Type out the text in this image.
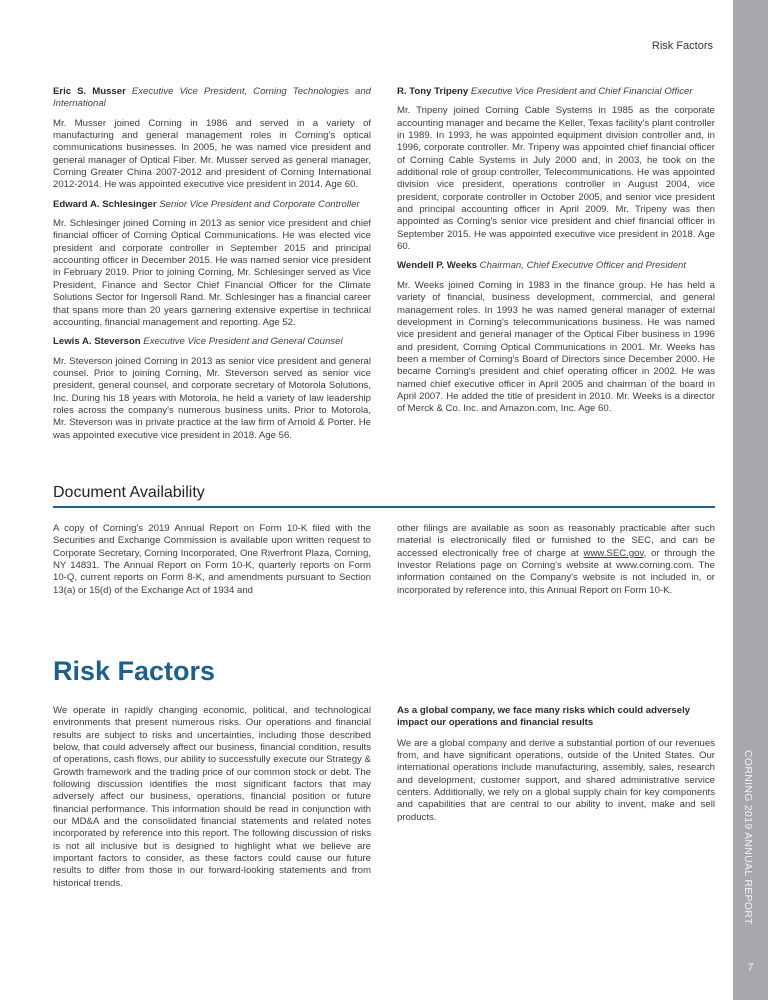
CORNING 2019 ANNUAL REPORT
7
Risk Factors

Eric S. Musser Executive Vice President, Corning Technologies and International

Mr. Musser joined Corning in 1986 and served in a variety of manufacturing and general management roles in Corning's optical communications businesses. In 2005, he was named vice president and general manager of Optical Fiber. Mr. Musser served as general manager, Corning Greater China 2007-2012 and president of Corning International 2012-2014. He was appointed executive vice president in 2014. Age 60.

Edward A. Schlesinger Senior Vice President and Corporate Controller

Mr. Schlesinger joined Corning in 2013 as senior vice president and chief financial officer of Corning Optical Communications. He was elected vice president and corporate controller in September 2015 and principal accounting officer in December 2015. He was named senior vice president in February 2019. Prior to joining Corning, Mr. Schlesinger served as Vice President, Finance and Sector Chief Financial Officer for the Climate Solutions Sector for Ingersoll Rand. Mr. Schlesinger has a financial career that spans more than 20 years garnering extensive expertise in technical accounting, financial management and reporting. Age 52.

Lewis A. Steverson Executive Vice President and General Counsel

Mr. Steverson joined Corning in 2013 as senior vice president and general counsel. Prior to joining Corning, Mr. Steverson served as senior vice president, general counsel, and corporate secretary of Motorola Solutions, Inc. During his 18 years with Motorola, he held a variety of law leadership roles across the company's numerous business units. Prior to Motorola, Mr. Steverson was in private practice at the law firm of Arnold & Porter. He was appointed executive vice president in 2018. Age 56.

R. Tony Tripeny Executive Vice President and Chief Financial Officer

Mr. Tripeny joined Corning Cable Systems in 1985 as the corporate accounting manager and became the Keller, Texas facility's plant controller in 1989. In 1993, he was appointed equipment division controller and, in 1996, corporate controller. Mr. Tripeny was appointed chief financial officer of Corning Cable Systems in July 2000 and, in 2003, he took on the additional role of group controller, Telecommunications. He was appointed division vice president, operations controller in August 2004, vice president, corporate controller in October 2005, and senior vice president and principal accounting officer in April 2009. Mr. Tripeny was then appointed as Corning's senior vice president and chief financial officer in September 2015. He was appointed executive vice president in 2018. Age 60.

Wendell P. Weeks Chairman, Chief Executive Officer and President

Mr. Weeks joined Corning in 1983 in the finance group. He has held a variety of financial, business development, commercial, and general management roles. In 1993 he was named general manager of external development in Corning's telecommunications business. He was named vice president and general manager of the Optical Fiber business in 1996 and president, Corning Optical Communications in 2001. Mr. Weeks has been a member of Corning's Board of Directors since December 2000. He became Corning's president and chief operating officer in 2002. He was named chief executive officer in April 2005 and chairman of the board in April 2007. He added the title of president in 2010. Mr. Weeks is a director of Merck & Co. Inc. and Amazon.com, Inc. Age 60.

Document Availability

A copy of Corning's 2019 Annual Report on Form 10-K filed with the Securities and Exchange Commission is available upon written request to Corporate Secretary, Corning Incorporated, One Riverfront Plaza, Corning, NY 14831. The Annual Report on Form 10-K, quarterly reports on Form 10-Q, current reports on Form 8-K, and amendments pursuant to Section 13(a) or 15(d) of the Exchange Act of 1934 and

other filings are available as soon as reasonably practicable after such material is electronically filed or furnished to the SEC, and can be accessed electronically free of charge at www.SEC.gov, or through the Investor Relations page on Corning's website at www.corning.com. The information contained on the Company's website is not included in, or incorporated by reference into, this Annual Report on Form 10-K.

Risk Factors

We operate in rapidly changing economic, political, and technological environments that present numerous risks. Our operations and financial results are subject to risks and uncertainties, including those described below, that could adversely affect our business, financial condition, results of operations, cash flows, our ability to successfully execute our Strategy & Growth framework and the trading price of our common stock or debt. The following discussion identifies the most significant factors that may adversely affect our business, operations, financial position or future financial performance. This information should be read in conjunction with our MD&A and the consolidated financial statements and related notes incorporated by reference into this report. The following discussion of risks is not all inclusive but is designed to highlight what we believe are important factors to consider, as these factors could cause our future results to differ from those in our forward-looking statements and from historical trends.

As a global company, we face many risks which could adversely impact our operations and financial results

We are a global company and derive a substantial portion of our revenues from, and have significant operations, outside of the United States. Our international operations include manufacturing, assembly, sales, research and development, customer support, and shared administrative service centers. Additionally, we rely on a global supply chain for key components and capabilities that are central to our ability to invent, make and sell products.
